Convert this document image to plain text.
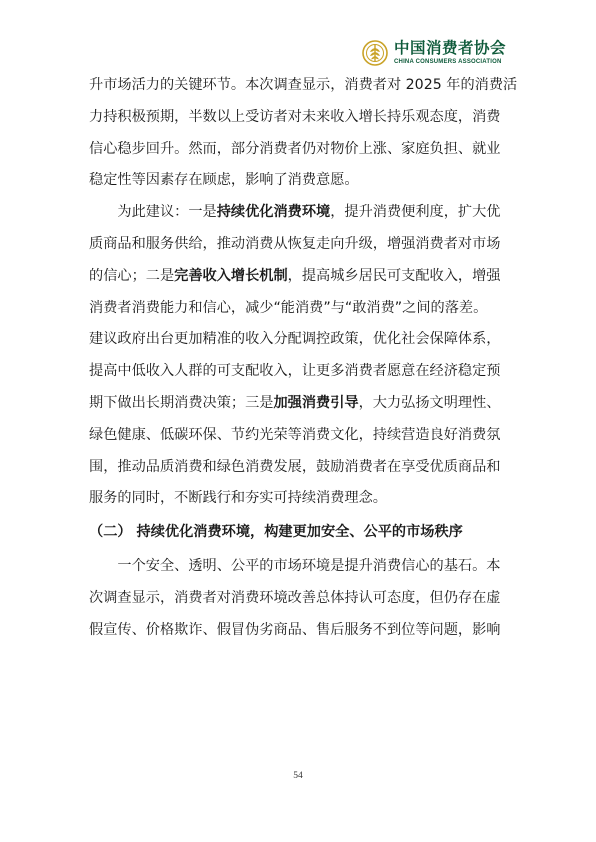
中国消费者协会
CHINA CONSUMERS ASSOCIATION

升市场活力的关键环节。本次调查显示，消费者对 2025 年的消费活
力持积极预期，半数以上受访者对未来收入增长持乐观态度，消费
信心稳步回升。然而，部分消费者仍对物价上涨、家庭负担、就业
稳定性等因素存在顾虑，影响了消费意愿。

　　为此建议：一是持续优化消费环境，提升消费便利度，扩大优
质商品和服务供给，推动消费从恢复走向升级，增强消费者对市场
的信心；二是完善收入增长机制，提高城乡居民可支配收入，增强
消费者消费能力和信心，减少“能消费”与“敢消费”之间的落差。
建议政府出台更加精准的收入分配调控政策，优化社会保障体系，
提高中低收入人群的可支配收入，让更多消费者愿意在经济稳定预
期下做出长期消费决策；三是加强消费引导，大力弘扬文明理性、
绿色健康、低碳环保、节约光荣等消费文化，持续营造良好消费氛
围，推动品质消费和绿色消费发展，鼓励消费者在享受优质商品和
服务的同时，不断践行和夯实可持续消费理念。

（二） 持续优化消费环境，构建更加安全、公平的市场秩序

　　一个安全、透明、公平的市场环境是提升消费信心的基石。本
次调查显示，消费者对消费环境改善总体持认可态度，但仍存在虚
假宣传、价格欺诈、假冒伪劣商品、售后服务不到位等问题，影响

54
